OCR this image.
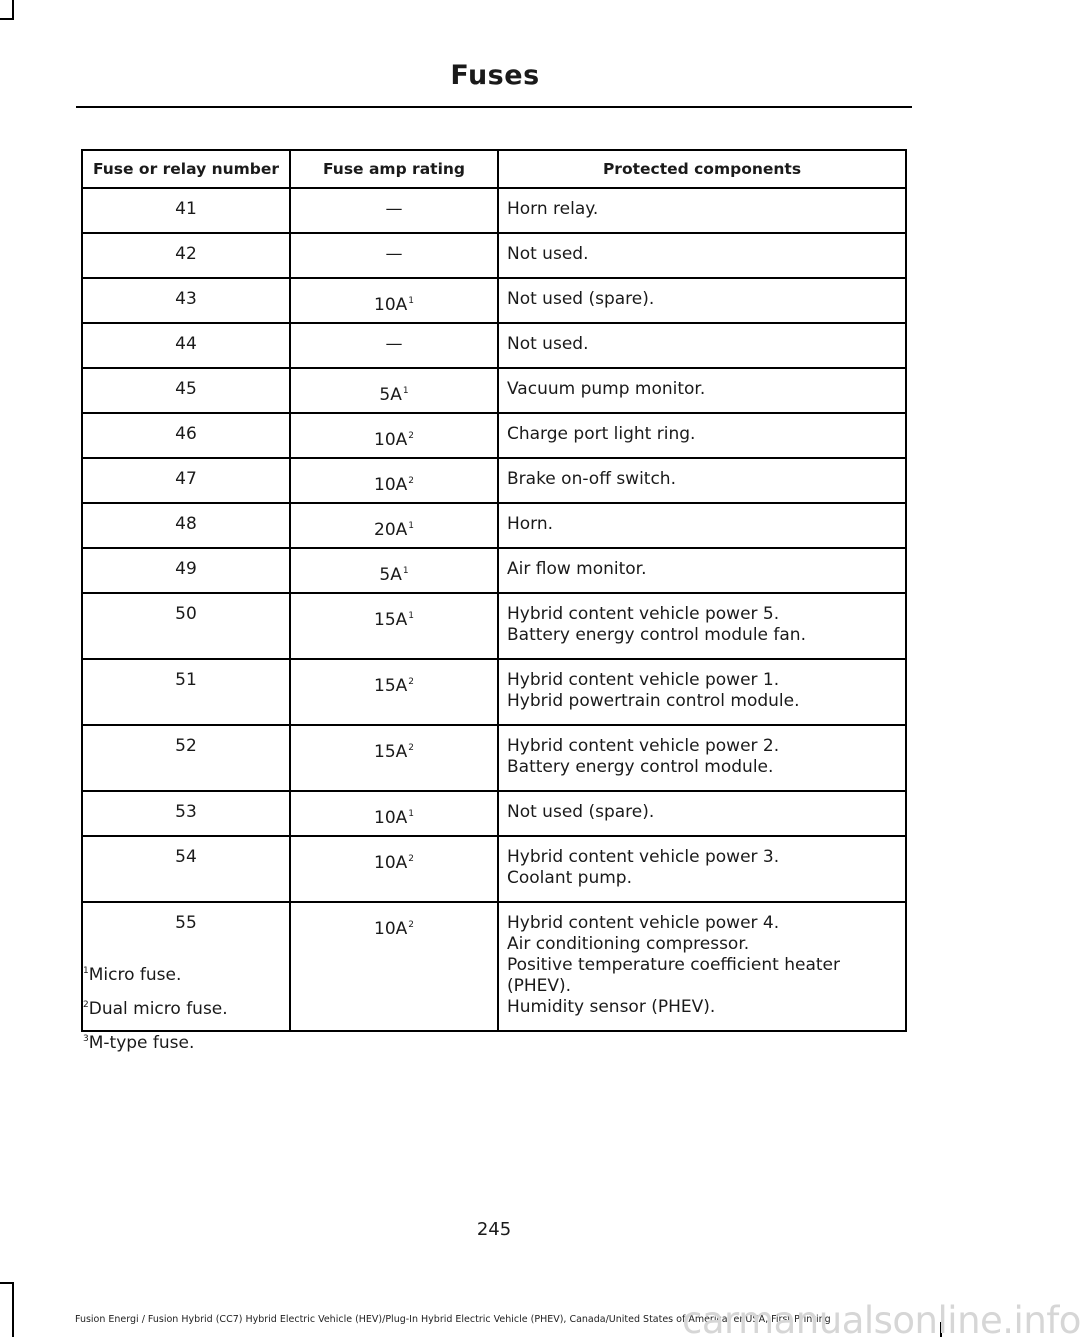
Fuses
Fuse or relay number	Fuse amp rating	Protected components
41	—	Horn relay.

42	—	Not used.

43	$10A^1$	Not used (spare).

44	—	Not used.

45	$5A^1$	Vacuum pump monitor.

46	$10A^2$	Charge port light ring.

47	$10A^2$	Brake on-off switch.

48	$20A^1$	Horn.

49	$5A^1$	Air flow monitor.

50	$15A^1$	Hybrid content vehicle power 5.
Battery energy control module fan.

51	$15A^2$	Hybrid content vehicle power 1.
Hybrid powertrain control module.

52	$15A^2$	Hybrid content vehicle power 2.
Battery energy control module.

53	$10A^1$	Not used (spare).

54	$10A^2$	Hybrid content vehicle power 3.
Coolant pump.

55	$10A^2$	Hybrid content vehicle power 4.
Air conditioning compressor.
Positive temperature coefficient heater (PHEV).
Humidity sensor (PHEV).
$^1$Micro fuse.
$^2$Dual micro fuse.
$^3$M-type fuse.
245
Fusion Energi / Fusion Hybrid (CC7) Hybrid Electric Vehicle (HEV)/Plug-In Hybrid Electric Vehicle (PHEV), Canada/United States of America, enUSA, First Printing
carmanualsonline.info
